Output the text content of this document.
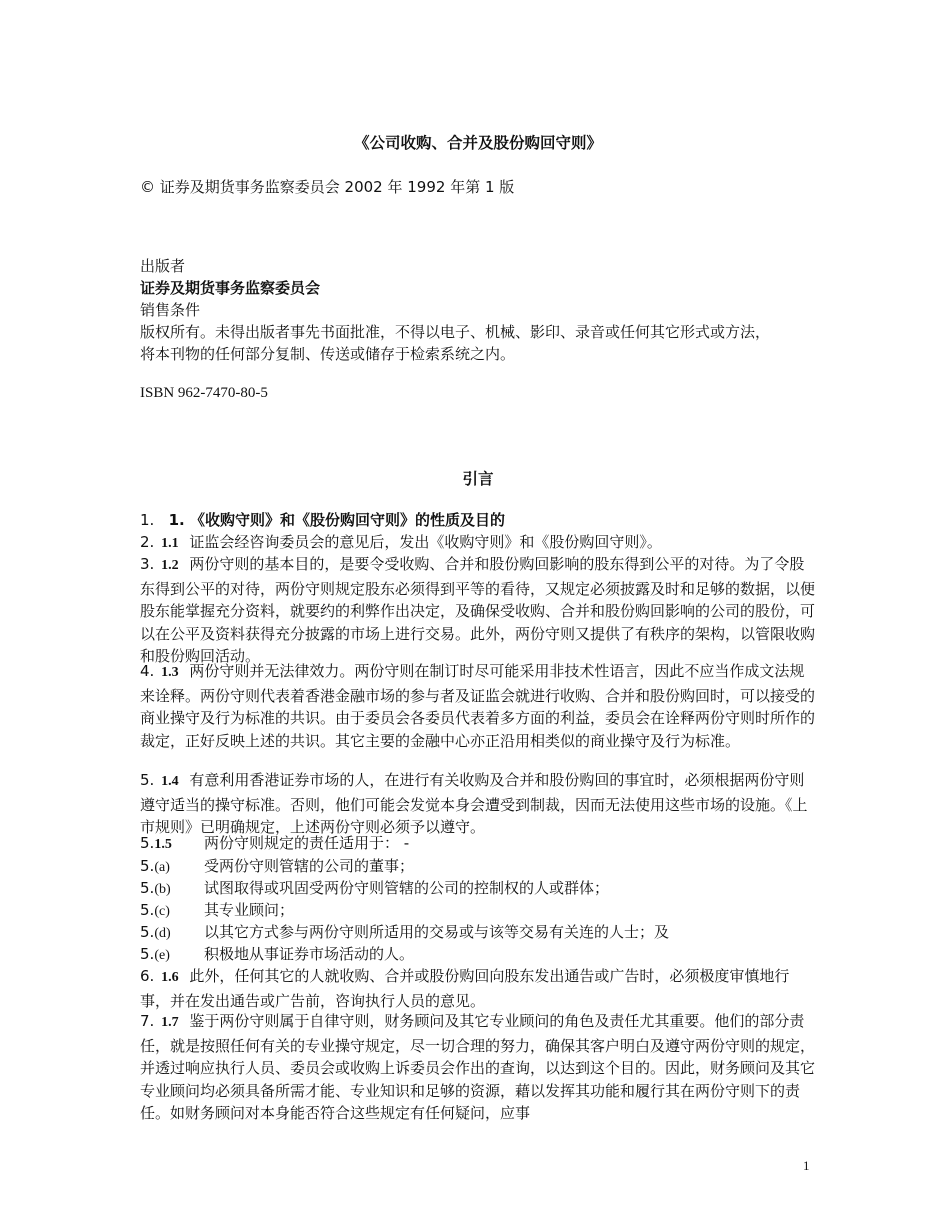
《公司收购、合并及股份购回守则》
© 证券及期货事务监察委员会 2002 年 1992 年第 1 版
出版者
证券及期货事务监察委员会
销售条件
版权所有。未得出版者事先书面批准，不得以电子、机械、影印、录音或任何其它形式或方法，
将本刊物的任何部分复制、传送或储存于检索系统之内。
ISBN 962-7470-80-5
引言
1. 1. 《收购守则》和《股份购回守则》的性质及目的
2. 1.1 证监会经咨询委员会的意见后，发出《收购守则》和《股份购回守则》。
3. 1.2 两份守则的基本目的，是要令受收购、合并和股份购回影响的股东得到公平的对待。为了令股东得到公平的对待，两份守则规定股东必须得到平等的看待，又规定必须披露及时和足够的数据，以便股东能掌握充分资料，就要约的利弊作出决定，及确保受收购、合并和股份购回影响的公司的股份，可以在公平及资料获得充分披露的市场上进行交易。此外，两份守则又提供了有秩序的架构，以管限收购和股份购回活动。
4. 1.3 两份守则并无法律效力。两份守则在制订时尽可能采用非技术性语言，因此不应当作成文法规来诠释。两份守则代表着香港金融市场的参与者及证监会就进行收购、合并和股份购回时，可以接受的商业操守及行为标准的共识。由于委员会各委员代表着多方面的利益，委员会在诠释两份守则时所作的裁定，正好反映上述的共识。其它主要的金融中心亦正沿用相类似的商业操守及行为标准。
5. 1.4 有意利用香港证券市场的人，在进行有关收购及合并和股份购回的事宜时，必须根据两份守则遵守适当的操守标准。否则，他们可能会发觉本身会遭受到制裁，因而无法使用这些市场的设施。《上市规则》已明确规定，上述两份守则必须予以遵守。
5.1.5 两份守则规定的责任适用于： -
5.(a) 受两份守则管辖的公司的董事；
5.(b) 试图取得或巩固受两份守则管辖的公司的控制权的人或群体；
5.(c) 其专业顾问；
5.(d) 以其它方式参与两份守则所适用的交易或与该等交易有关连的人士；及
5.(e) 积极地从事证券市场活动的人。
6. 1.6 此外，任何其它的人就收购、合并或股份购回向股东发出通告或广告时，必须极度审慎地行事，并在发出通告或广告前，咨询执行人员的意见。
7. 1.7 鉴于两份守则属于自律守则，财务顾问及其它专业顾问的角色及责任尤其重要。他们的部分责任，就是按照任何有关的专业操守规定，尽一切合理的努力，确保其客户明白及遵守两份守则的规定，并透过响应执行人员、委员会或收购上诉委员会作出的查询，以达到这个目的。因此，财务顾问及其它专业顾问均必须具备所需才能、专业知识和足够的资源，藉以发挥其功能和履行其在两份守则下的责任。如财务顾问对本身能否符合这些规定有任何疑问，应事
1
